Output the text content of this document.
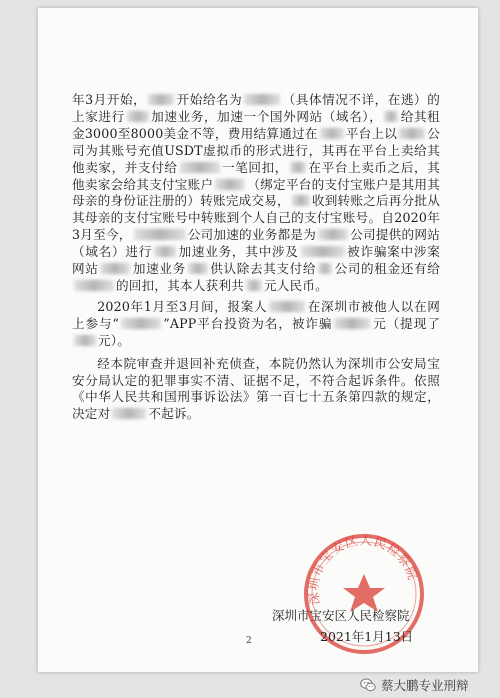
年3月开始， 开始给名为	（具体情况不详，在逃）的上家进行 加速业务，加速一个国外网站（域名）， 给其租金3000至8000美金不等，费用结算通过在 平台上以 公司为其账号充值USDT虚拟币的形式进行，其再在平台上卖给其他卖家，并支付给	一笔回扣， 在平台上卖币之后，其他卖家会给其支付宝账户	（绑定平台的支付宝账户是其用其母亲的身份证注册的）转账完成交易， 收到转账之后再分批从其母亲的支付宝账号中转账到个人自己的支付宝账号。自2020年3月至今，	公司加速的业务都是为	公司提供的网站（域名）进行 加速业务，其中涉及	被诈骗案中涉案网站	加速业务 供认除去其支付给 公司的租金还有给的回扣，其本人获利共 元人民币。

2020年1月至3月间，报案人	在深圳市被他人以在网上参与“	”APP平台投资为名，被诈骗	元（提现了元）。

经本院审查并退回补充侦查，本院仍然认为深圳市公安局宝安分局认定的犯罪事实不清、证据不足，不符合起诉条件。依照《中华人民共和国刑事诉讼法》第一百七十五条第四款的规定，决定对	不起诉。

深圳市宝安区人民检察院
深圳市宝安区人民检察院
2	2021年1月13日
蔡大鹏专业刑辩
